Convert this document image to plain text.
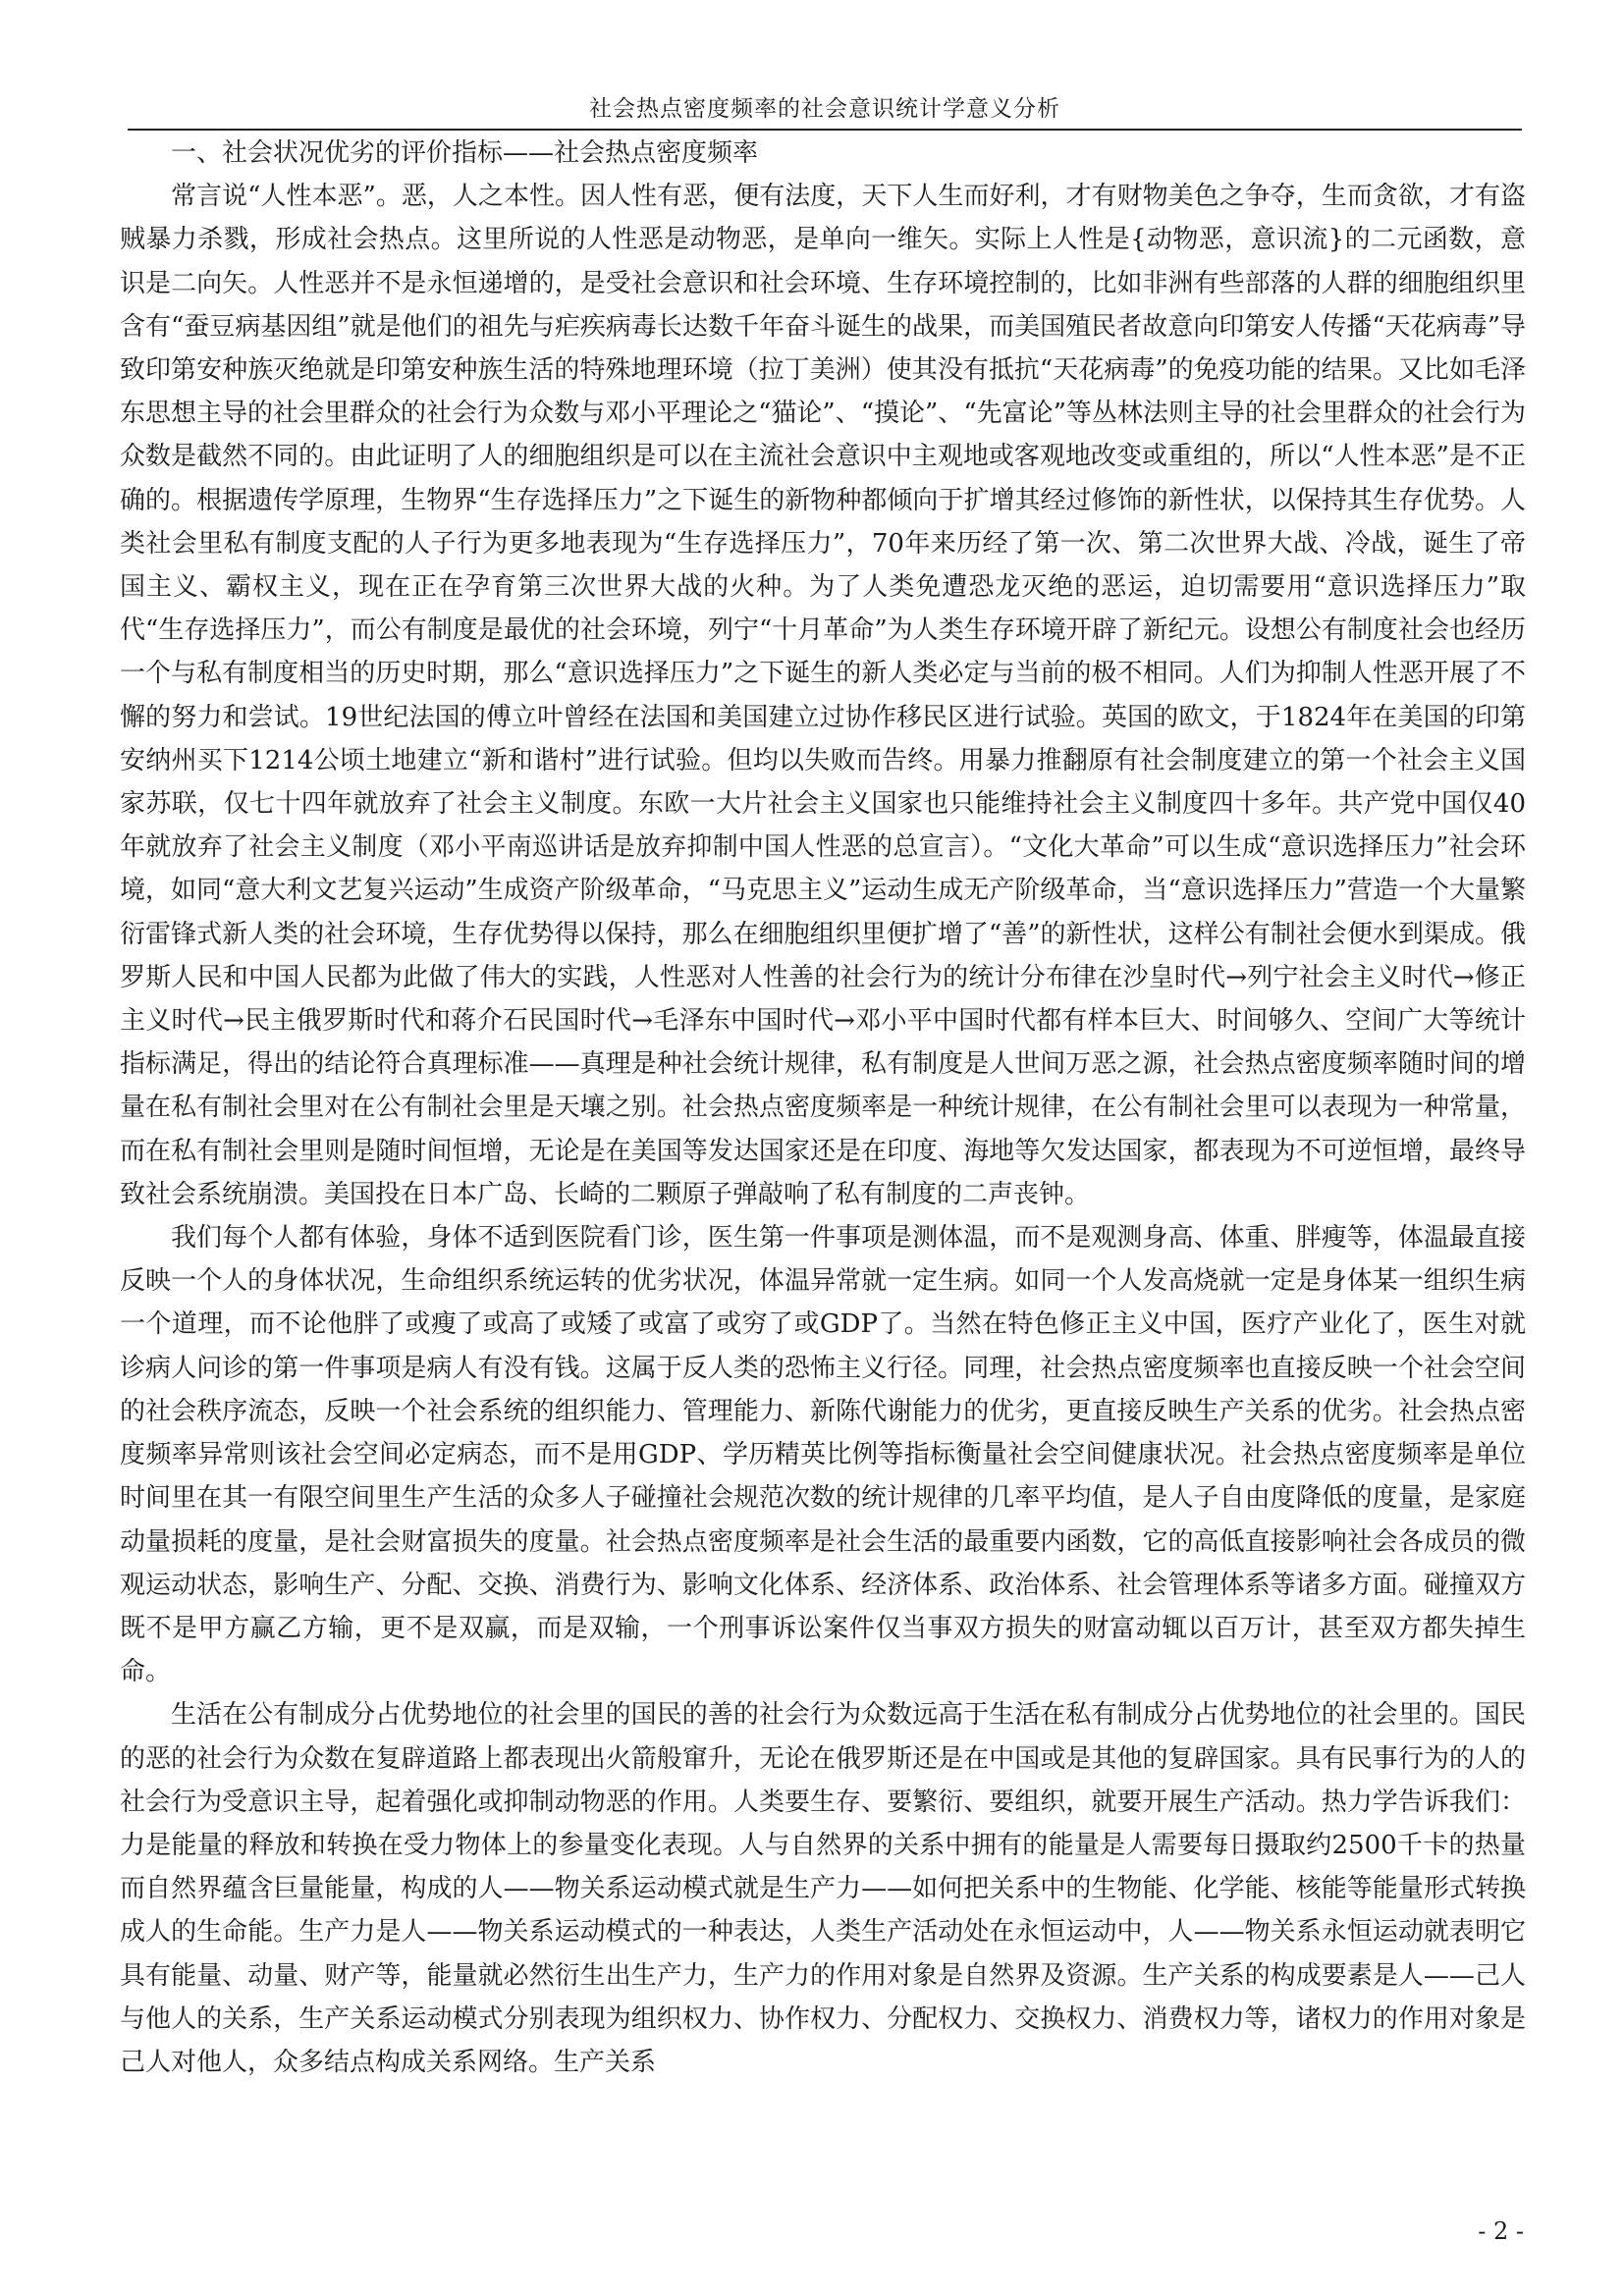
社会热点密度频率的社会意识统计学意义分析
一、社会状况优劣的评价指标——社会热点密度频率

常言说“人性本恶”。恶，人之本性。因人性有恶，便有法度，天下人生而好利，才有财物美色之争夺，生而贪欲，才有盗贼暴力杀戮，形成社会热点。这里所说的人性恶是动物恶，是单向一维矢。实际上人性是{动物恶，意识流}的二元函数，意识是二向矢。人性恶并不是永恒递增的，是受社会意识和社会环境、生存环境控制的，比如非洲有些部落的人群的细胞组织里含有“蚕豆病基因组”就是他们的祖先与疟疾病毒长达数千年奋斗诞生的战果，而美国殖民者故意向印第安人传播“天花病毒”导致印第安种族灭绝就是印第安种族生活的特殊地理环境（拉丁美洲）使其没有抵抗“天花病毒”的免疫功能的结果。又比如毛泽东思想主导的社会里群众的社会行为众数与邓小平理论之“猫论”、“摸论”、“先富论”等丛林法则主导的社会里群众的社会行为众数是截然不同的。由此证明了人的细胞组织是可以在主流社会意识中主观地或客观地改变或重组的，所以“人性本恶”是不正确的。根据遗传学原理，生物界“生存选择压力”之下诞生的新物种都倾向于扩增其经过修饰的新性状，以保持其生存优势。人类社会里私有制度支配的人子行为更多地表现为“生存选择压力”，70年来历经了第一次、第二次世界大战、冷战，诞生了帝国主义、霸权主义，现在正在孕育第三次世界大战的火种。为了人类免遭恐龙灭绝的恶运，迫切需要用“意识选择压力”取代“生存选择压力”，而公有制度是最优的社会环境，列宁“十月革命”为人类生存环境开辟了新纪元。设想公有制度社会也经历一个与私有制度相当的历史时期，那么“意识选择压力”之下诞生的新人类必定与当前的极不相同。人们为抑制人性恶开展了不懈的努力和尝试。19世纪法国的傅立叶曾经在法国和美国建立过协作移民区进行试验。英国的欧文，于1824年在美国的印第安纳州买下1214公顷土地建立“新和谐村”进行试验。但均以失败而告终。用暴力推翻原有社会制度建立的第一个社会主义国家苏联，仅七十四年就放弃了社会主义制度。东欧一大片社会主义国家也只能维持社会主义制度四十多年。共产党中国仅40年就放弃了社会主义制度（邓小平南巡讲话是放弃抑制中国人性恶的总宣言）。“文化大革命”可以生成“意识选择压力”社会环境，如同“意大利文艺复兴运动”生成资产阶级革命，“马克思主义”运动生成无产阶级革命，当“意识选择压力”营造一个大量繁衍雷锋式新人类的社会环境，生存优势得以保持，那么在细胞组织里便扩增了“善”的新性状，这样公有制社会便水到渠成。俄罗斯人民和中国人民都为此做了伟大的实践，人性恶对人性善的社会行为的统计分布律在沙皇时代→列宁社会主义时代→修正主义时代→民主俄罗斯时代和蒋介石民国时代→毛泽东中国时代→邓小平中国时代都有样本巨大、时间够久、空间广大等统计指标满足，得出的结论符合真理标准——真理是种社会统计规律，私有制度是人世间万恶之源，社会热点密度频率随时间的增量在私有制社会里对在公有制社会里是天壤之别。社会热点密度频率是一种统计规律，在公有制社会里可以表现为一种常量，而在私有制社会里则是随时间恒增，无论是在美国等发达国家还是在印度、海地等欠发达国家，都表现为不可逆恒增，最终导致社会系统崩溃。美国投在日本广岛、长崎的二颗原子弹敲响了私有制度的二声丧钟。

我们每个人都有体验，身体不适到医院看门诊，医生第一件事项是测体温，而不是观测身高、体重、胖瘦等，体温最直接反映一个人的身体状况，生命组织系统运转的优劣状况，体温异常就一定生病。如同一个人发高烧就一定是身体某一组织生病一个道理，而不论他胖了或瘦了或高了或矮了或富了或穷了或GDP了。当然在特色修正主义中国，医疗产业化了，医生对就诊病人问诊的第一件事项是病人有没有钱。这属于反人类的恐怖主义行径。同理，社会热点密度频率也直接反映一个社会空间的社会秩序流态，反映一个社会系统的组织能力、管理能力、新陈代谢能力的优劣，更直接反映生产关系的优劣。社会热点密度频率异常则该社会空间必定病态，而不是用GDP、学历精英比例等指标衡量社会空间健康状况。社会热点密度频率是单位时间里在其一有限空间里生产生活的众多人子碰撞社会规范次数的统计规律的几率平均值，是人子自由度降低的度量，是家庭动量损耗的度量，是社会财富损失的度量。社会热点密度频率是社会生活的最重要内函数，它的高低直接影响社会各成员的微观运动状态，影响生产、分配、交换、消费行为、影响文化体系、经济体系、政治体系、社会管理体系等诸多方面。碰撞双方既不是甲方赢乙方输，更不是双赢，而是双输，一个刑事诉讼案件仅当事双方损失的财富动辄以百万计，甚至双方都失掉生命。

生活在公有制成分占优势地位的社会里的国民的善的社会行为众数远高于生活在私有制成分占优势地位的社会里的。国民的恶的社会行为众数在复辟道路上都表现出火箭般窜升，无论在俄罗斯还是在中国或是其他的复辟国家。具有民事行为的人的社会行为受意识主导，起着强化或抑制动物恶的作用。人类要生存、要繁衍、要组织，就要开展生产活动。热力学告诉我们：力是能量的释放和转换在受力物体上的参量变化表现。人与自然界的关系中拥有的能量是人需要每日摄取约2500千卡的热量而自然界蕴含巨量能量，构成的人——物关系运动模式就是生产力——如何把关系中的生物能、化学能、核能等能量形式转换成人的生命能。生产力是人——物关系运动模式的一种表达，人类生产活动处在永恒运动中，人——物关系永恒运动就表明它具有能量、动量、财产等，能量就必然衍生出生产力，生产力的作用对象是自然界及资源。生产关系的构成要素是人——己人与他人的关系，生产关系运动模式分别表现为组织权力、协作权力、分配权力、交换权力、消费权力等，诸权力的作用对象是己人对他人，众多结点构成关系网络。生产关系

- 2 -
